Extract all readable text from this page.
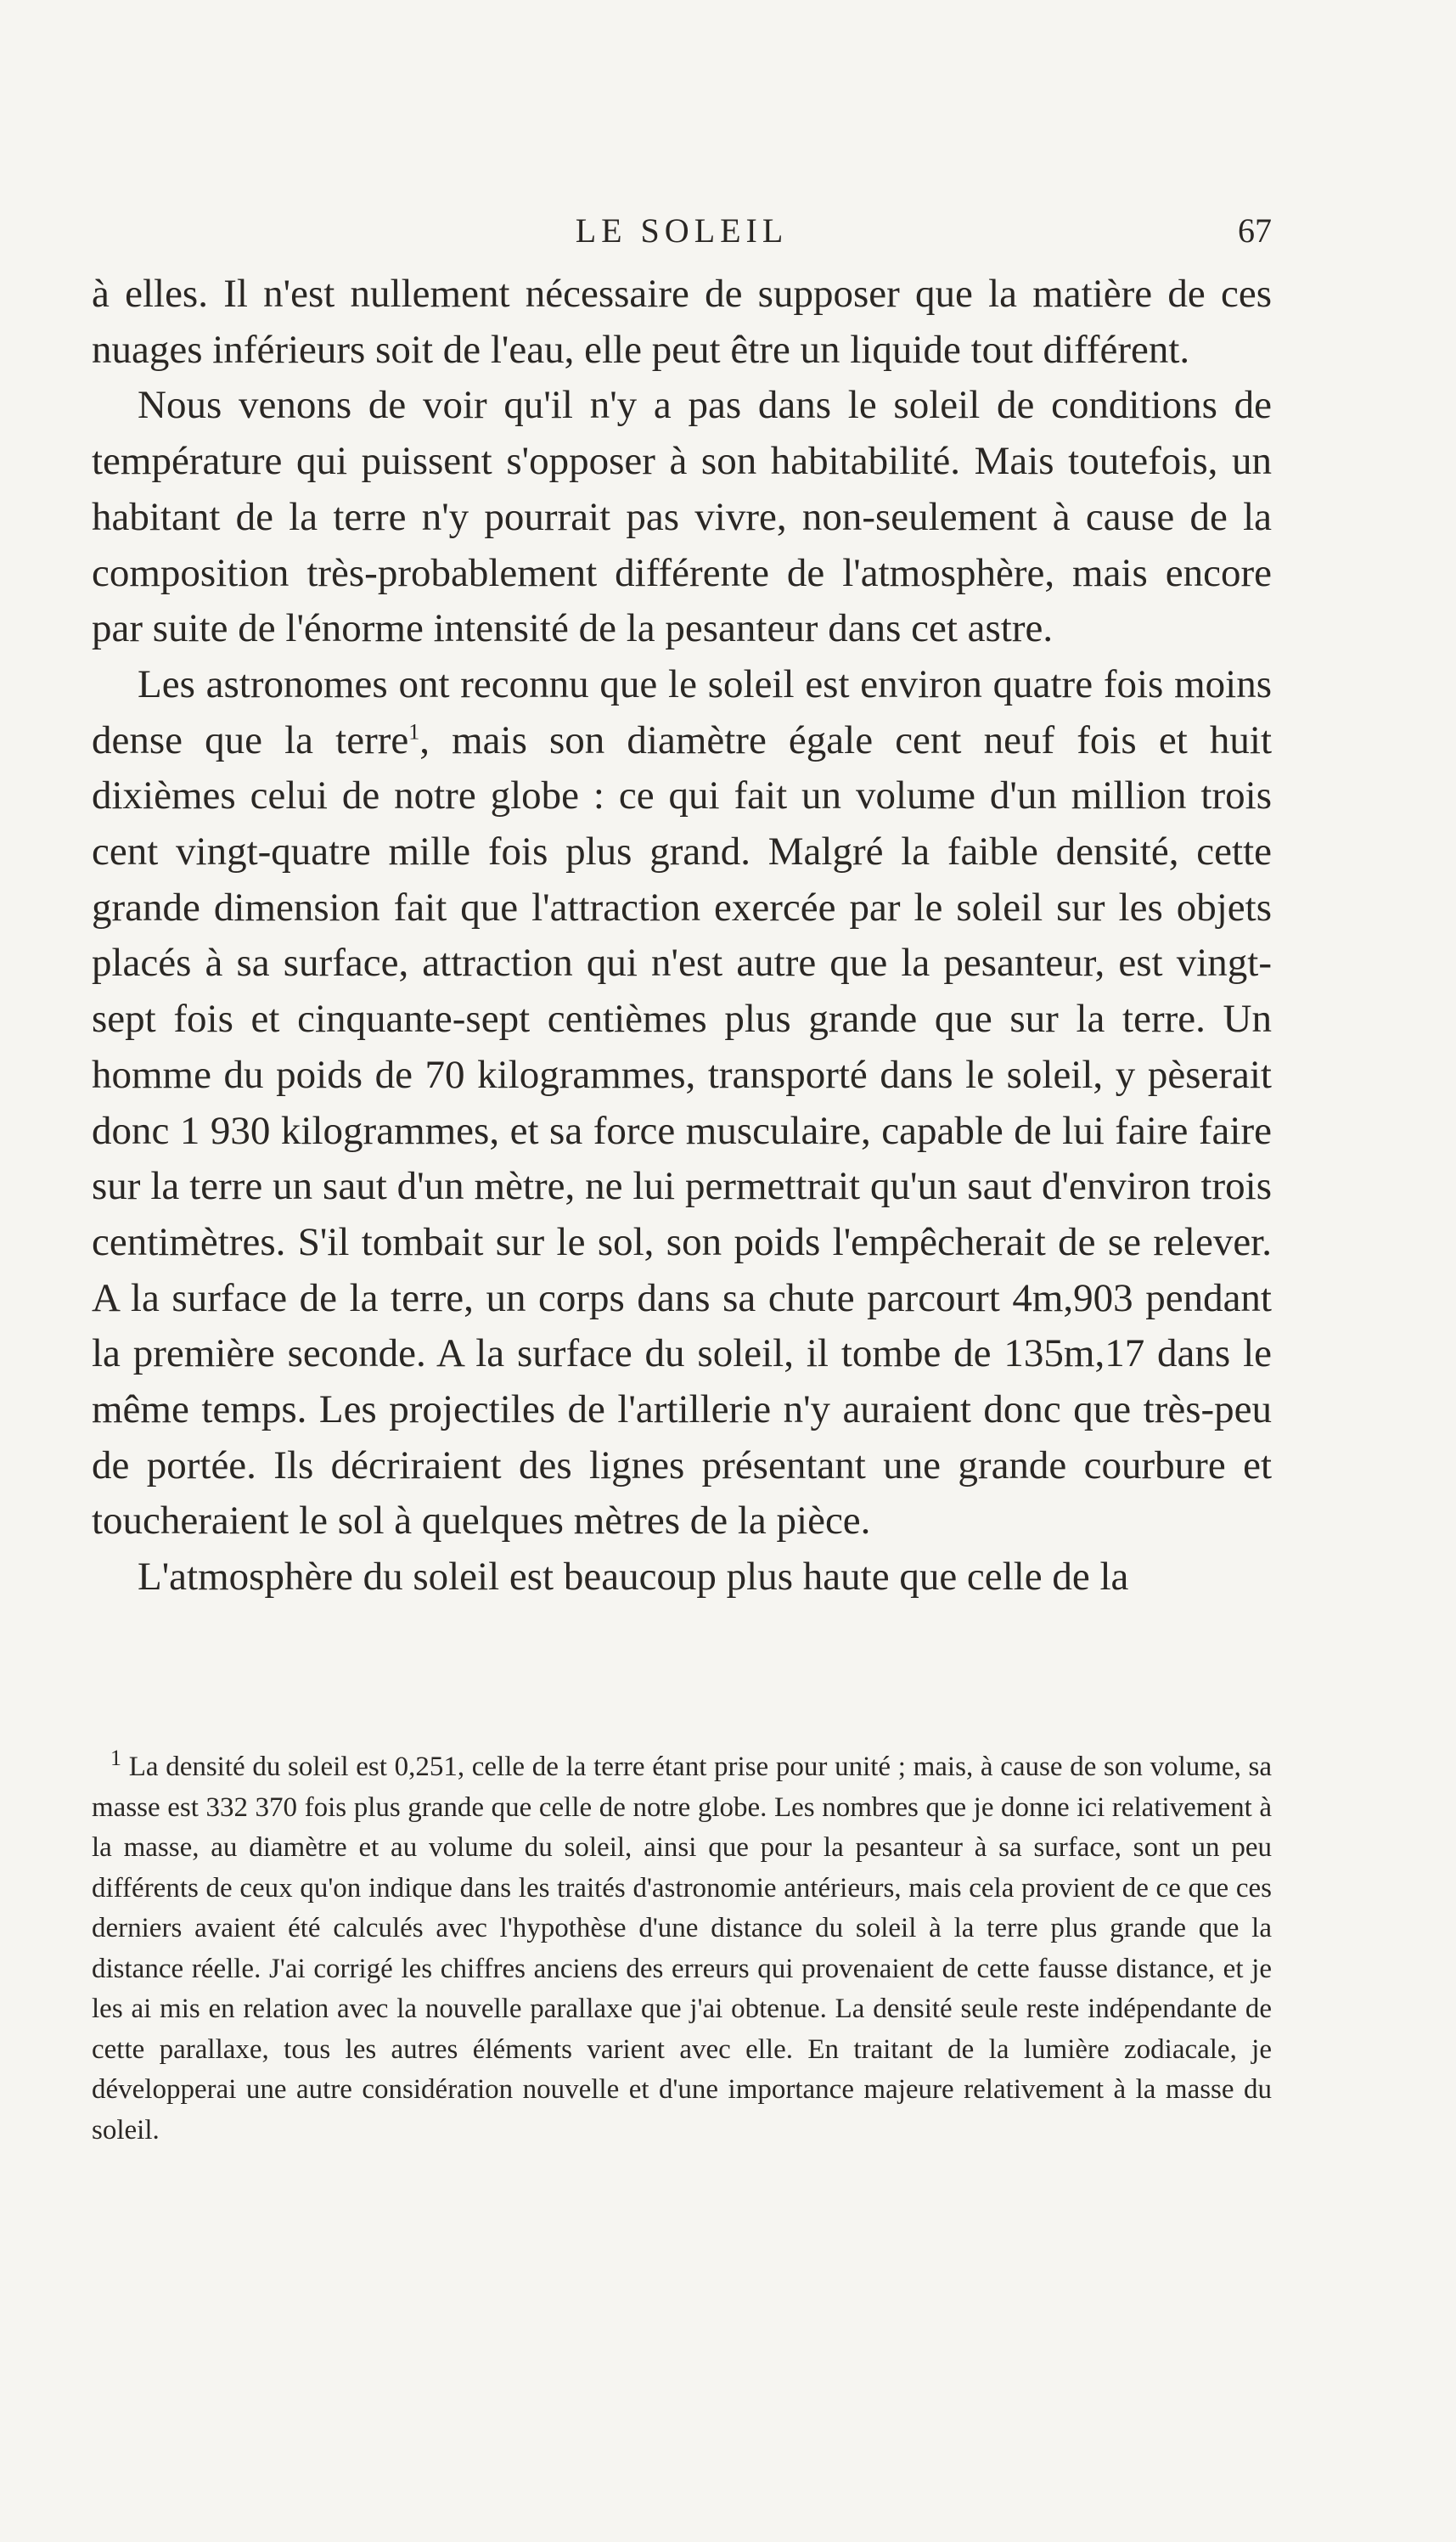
LE SOLEIL	67

à elles. Il n'est nullement nécessaire de supposer que la matière de ces nuages inférieurs soit de l'eau, elle peut être un liquide tout différent.

Nous venons de voir qu'il n'y a pas dans le soleil de conditions de température qui puissent s'opposer à son habitabilité. Mais toutefois, un habitant de la terre n'y pourrait pas vivre, non-seulement à cause de la composition très-probablement différente de l'atmosphère, mais encore par suite de l'énorme intensité de la pesanteur dans cet astre.

Les astronomes ont reconnu que le soleil est environ quatre fois moins dense que la terre$^1$, mais son diamètre égale cent neuf fois et huit dixièmes celui de notre globe : ce qui fait un volume d'un million trois cent vingt-quatre mille fois plus grand. Malgré la faible densité, cette grande dimension fait que l'attraction exercée par le soleil sur les objets placés à sa surface, attraction qui n'est autre que la pesanteur, est vingt-sept fois et cinquante-sept centièmes plus grande que sur la terre. Un homme du poids de 70 kilogrammes, transporté dans le soleil, y pèserait donc 1 930 kilogrammes, et sa force musculaire, capable de lui faire faire sur la terre un saut d'un mètre, ne lui permettrait qu'un saut d'environ trois centimètres. S'il tombait sur le sol, son poids l'empêcherait de se relever. A la surface de la terre, un corps dans sa chute parcourt 4m,903 pendant la première seconde. A la surface du soleil, il tombe de 135m,17 dans le même temps. Les projectiles de l'artillerie n'y auraient donc que très-peu de portée. Ils décriraient des lignes présentant une grande courbure et toucheraient le sol à quelques mètres de la pièce.

L'atmosphère du soleil est beaucoup plus haute que celle de la

$^1$ La densité du soleil est 0,251, celle de la terre étant prise pour unité ; mais, à cause de son volume, sa masse est 332 370 fois plus grande que celle de notre globe. Les nombres que je donne ici relativement à la masse, au diamètre et au volume du soleil, ainsi que pour la pesanteur à sa surface, sont un peu différents de ceux qu'on indique dans les traités d'astronomie antérieurs, mais cela provient de ce que ces derniers avaient été calculés avec l'hypothèse d'une distance du soleil à la terre plus grande que la distance réelle. J'ai corrigé les chiffres anciens des erreurs qui provenaient de cette fausse distance, et je les ai mis en relation avec la nouvelle parallaxe que j'ai obtenue. La densité seule reste indépendante de cette parallaxe, tous les autres éléments varient avec elle. En traitant de la lumière zodiacale, je développerai une autre considération nouvelle et d'une importance majeure relativement à la masse du soleil.
